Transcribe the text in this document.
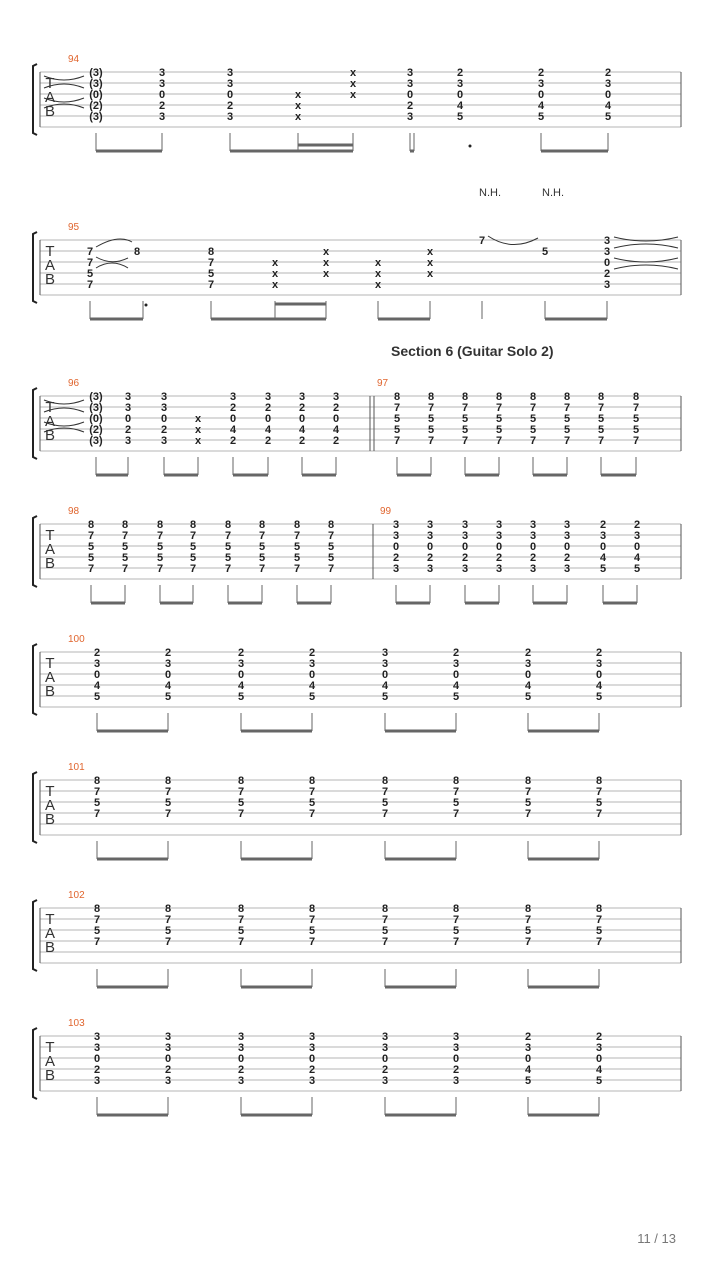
T
A
B
94
(3)
(3)
(0)
(2)
(3)
3
3
0
2
3
3
3
0
2
3
x
x
x
x
x
x
3
3
0
2
3
2
3
0
4
5
2
3
0
4
5
2
3
0
4
5
T
A
B
95
7
7
5
7
8	8
7
5
7
x
x
x
x
x
x
x
x
x
x
x
x
7
5
3
3
0
2
3
T
A
B
96
(3)
(3)
(0)
(2)
(3)
3
3
0
2
3
3
3
0
2
3
x
x
x
3
2
0
4
2
3
2
0
4
2
3
2
0
4
2
3
2
0
4
2
97
8
7
5
5
7
8
7
5
5
7
8
7
5
5
7
8
7
5
5
7
8
7
5
5
7
8
7
5
5
7
8
7
5
5
7
8
7
5
5
7
T
A
B
98
8
7
5
5
7
8
7
5
5
7
8
7
5
5
7
8
7
5
5
7
8
7
5
5
7
8
7
5
5
7
8
7
5
5
7
8
7
5
5
7
99
3
3
0
2
3
3
3
0
2
3
3
3
0
2
3
3
3
0
2
3
3
3
0
2
3
3
3
0
2
3
2
3
0
4
5
2
3
0
4
5
T
A
B
100
2
3
0
4
5
2
3
0
4
5
2
3
0
4
5
2
3
0
4
5
3
3
0
4
5
2
3
0
4
5
2
3
0
4
5
2
3
0
4
5
T
A
B
101
8
7
5
7
8
7
5
7
8
7
5
7
8
7
5
7
8
7
5
7
8
7
5
7
8
7
5
7
8
7
5
7
T
A
B
102
8
7
5
7
8
7
5
7
8
7
5
7
8
7
5
7
8
7
5
7
8
7
5
7
8
7
5
7
8
7
5
7
T
A
B
103
3
3
0
2
3
3
3
0
2
3
3
3
0
2
3
3
3
0
2
3
3
3
0
2
3
3
3
0
2
3
2
3
0
4
5
2
3
0
4
5
N.H.	N.H.
Section 6 (Guitar Solo 2)
11 / 13
